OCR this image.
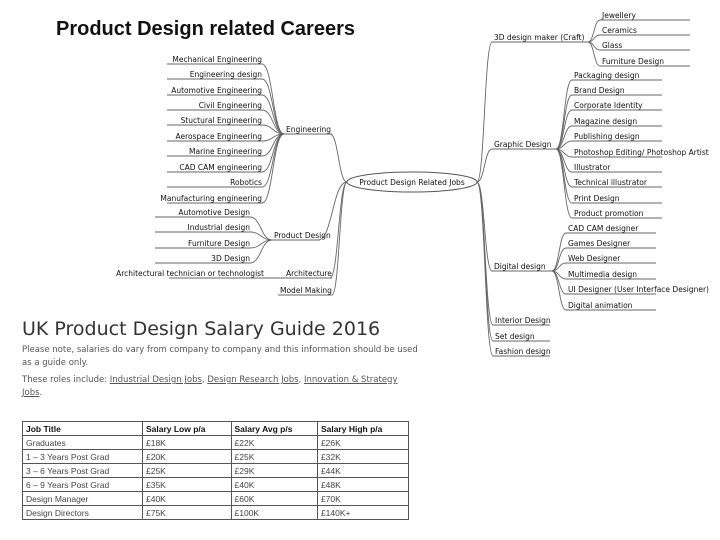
Product Design related Careers
Product Design Related Jobs
Engineering
Mechanical Engineering
Engineering design
Automotive Engineering
Civil Engineering
Stuctural Engineering
Aerospace Engineering
Marine Engineering
CAD CAM engineering
Robotics
Manufacturing engineering
Product Design
Automotive Design
Industrial design
Furniture Design
3D Design
Architecture
Architectural technician or technologist
Model Making
3D design maker (Craft)
Jewellery
Ceramics
Glass
Furniture Design
Graphic Design
Packaging design
Brand Design
Corporate Identity
Magazine design
Publishing design
Photoshop Editing/ Photoshop Artist
Illustrator
Technical illustrator
Print Design
Product promotion
Digital design
CAD CAM designer
Games Designer
Web Designer
Multimedia design
UI Designer (User Interface Designer)
Digital animation
Interior Design
Set design
Fashion design
UK Product Design Salary Guide 2016
Please note, salaries do vary from company to company and this information should be used as a guide only.
These roles include: Industrial Design Jobs, Design Research Jobs, Innovation & Strategy Jobs.
Job Title	Salary Low p/a	Salary Avg p/s	Salary High p/a
Graduates	£18K	£22K	£26K
1 – 3 Years Post Grad	£20K	£25K	£32K
3 – 6 Years Post Grad	£25K	£29K	£44K
6 – 9 Years Post Grad	£35K	£40K	£48K
Design Manager	£40K	£60K	£70K
Design Directors	£75K	£100K	£140K+
